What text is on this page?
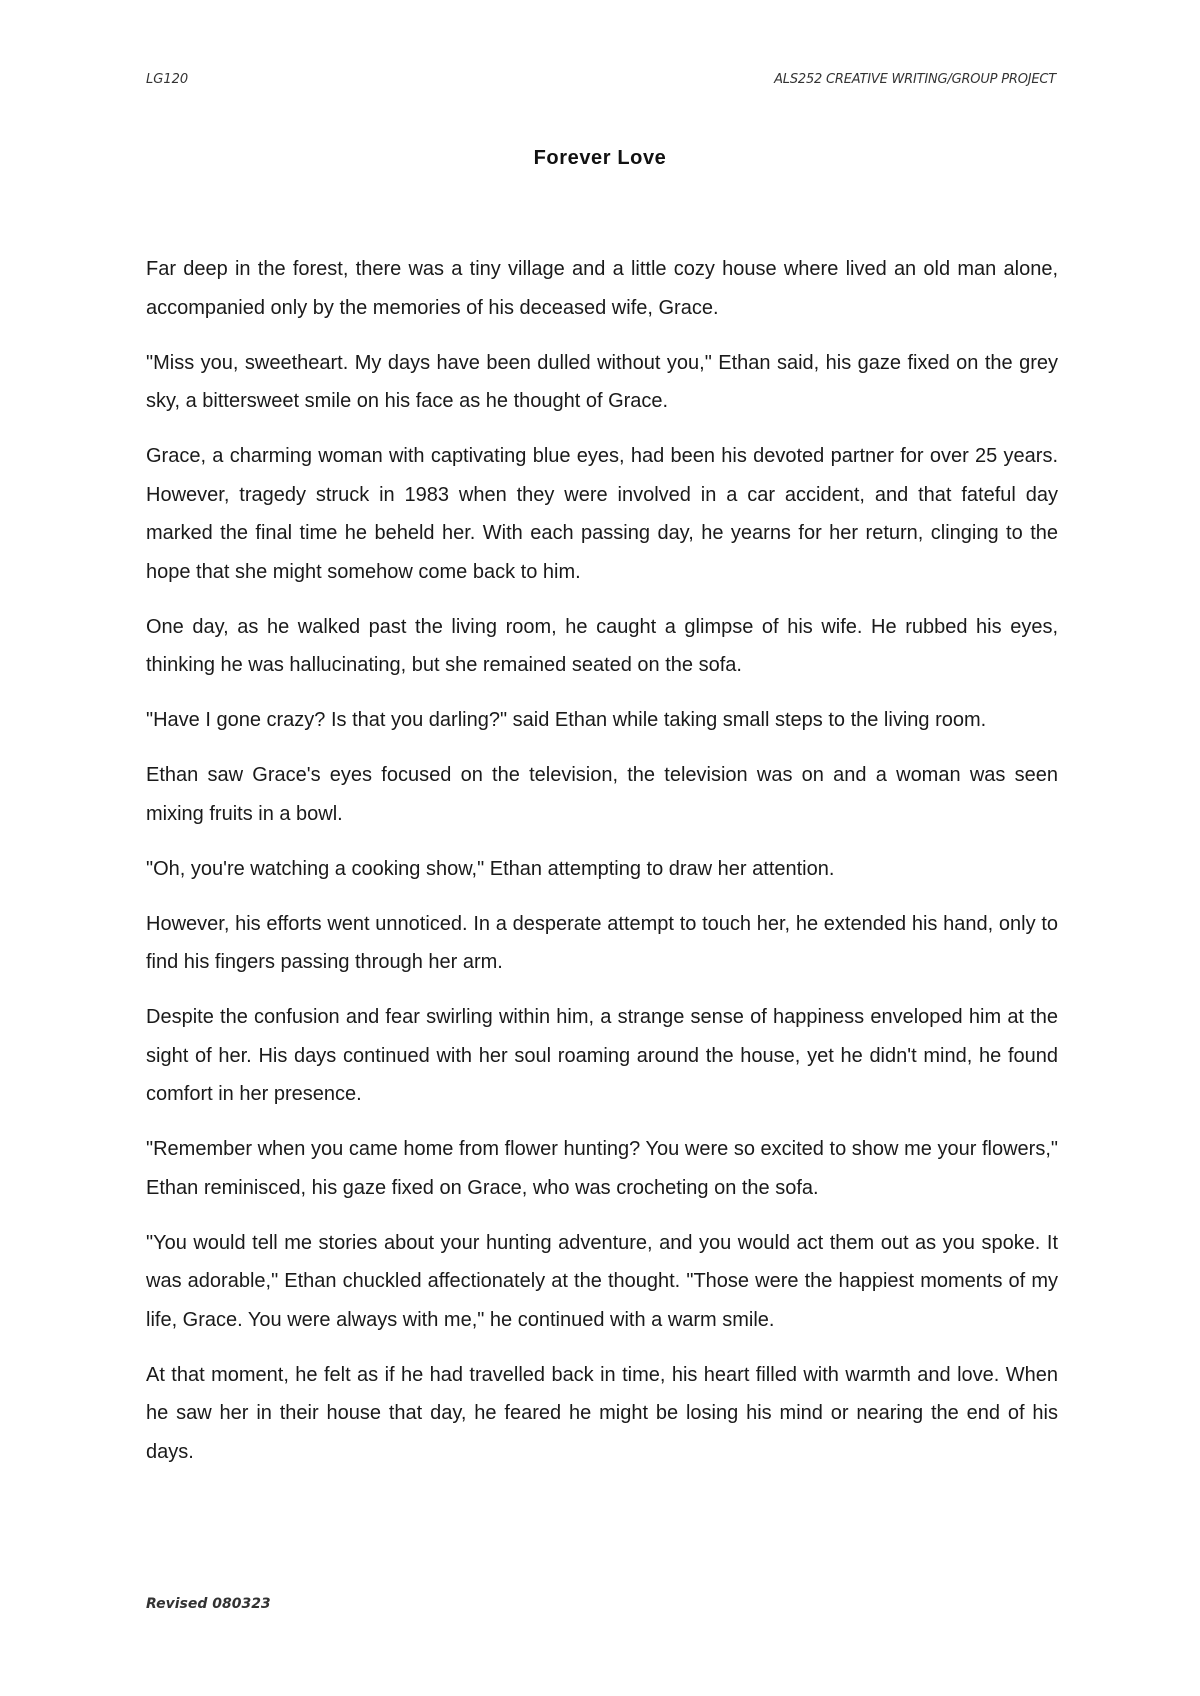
LG120	ALS252 CREATIVE WRITING/GROUP PROJECT
Forever Love

Far deep in the forest, there was a tiny village and a little cozy house where lived an old man alone, accompanied only by the memories of his deceased wife, Grace.

"Miss you, sweetheart. My days have been dulled without you," Ethan said, his gaze fixed on the grey sky, a bittersweet smile on his face as he thought of Grace.

Grace, a charming woman with captivating blue eyes, had been his devoted partner for over 25 years. However, tragedy struck in 1983 when they were involved in a car accident, and that fateful day marked the final time he beheld her. With each passing day, he yearns for her return, clinging to the hope that she might somehow come back to him.

One day, as he walked past the living room, he caught a glimpse of his wife. He rubbed his eyes, thinking he was hallucinating, but she remained seated on the sofa.

"Have I gone crazy? Is that you darling?" said Ethan while taking small steps to the living room.

Ethan saw Grace's eyes focused on the television, the television was on and a woman was seen mixing fruits in a bowl.

"Oh, you're watching a cooking show," Ethan attempting to draw her attention.

However, his efforts went unnoticed. In a desperate attempt to touch her, he extended his hand, only to find his fingers passing through her arm.

Despite the confusion and fear swirling within him, a strange sense of happiness enveloped him at the sight of her. His days continued with her soul roaming around the house, yet he didn't mind, he found comfort in her presence.

"Remember when you came home from flower hunting? You were so excited to show me your flowers," Ethan reminisced, his gaze fixed on Grace, who was crocheting on the sofa.

"You would tell me stories about your hunting adventure, and you would act them out as you spoke. It was adorable," Ethan chuckled affectionately at the thought. "Those were the happiest moments of my life, Grace. You were always with me," he continued with a warm smile.

At that moment, he felt as if he had travelled back in time, his heart filled with warmth and love. When he saw her in their house that day, he feared he might be losing his mind or nearing the end of his days.

Revised 080323
